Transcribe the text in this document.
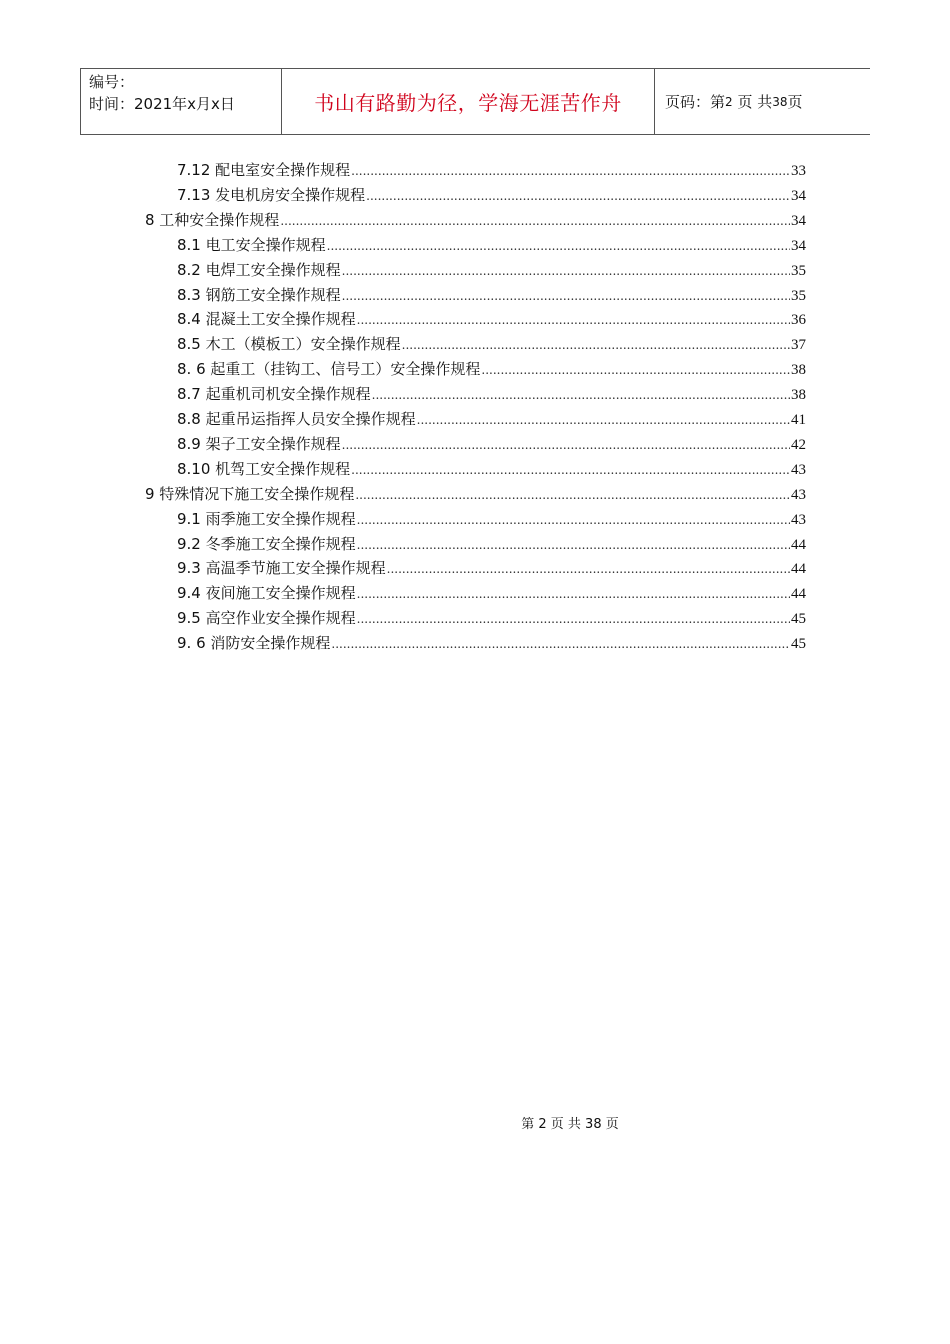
编号：
时间：2021年x月x日	书山有路勤为径，学海无涯苦作舟	页码：第 2
页 共 38 页
7.12 配电室安全操作规程 .....	33
7.13 发电机房安全操作规程 .....	34
8 工种安全操作规程 .....	34
8.1 电工安全操作规程 .....	34
8.2 电焊工安全操作规程 .....	35
8.3 钢筋工安全操作规程 .....	35
8.4 混凝土工安全操作规程 .....	36
8.5 木工（模板工）安全操作规程 .....	37
8. 6 起重工（挂钩工、信号工）安全操作规程 .....	38
8.7 起重机司机安全操作规程 .....	38
8.8 起重吊运指挥人员安全操作规程 .....	41
8.9 架子工安全操作规程 .....	42
8.10 机驾工安全操作规程 .....	43
9 特殊情况下施工安全操作规程 .....	43
9.1 雨季施工安全操作规程 .....	43
9.2 冬季施工安全操作规程 .....	44
9.3 高温季节施工安全操作规程 .....	44
9.4 夜间施工安全操作规程 .....	44
9.5 高空作业安全操作规程 .....	45
9. 6 消防安全操作规程 .....	45
第 2 页 共 38 页
